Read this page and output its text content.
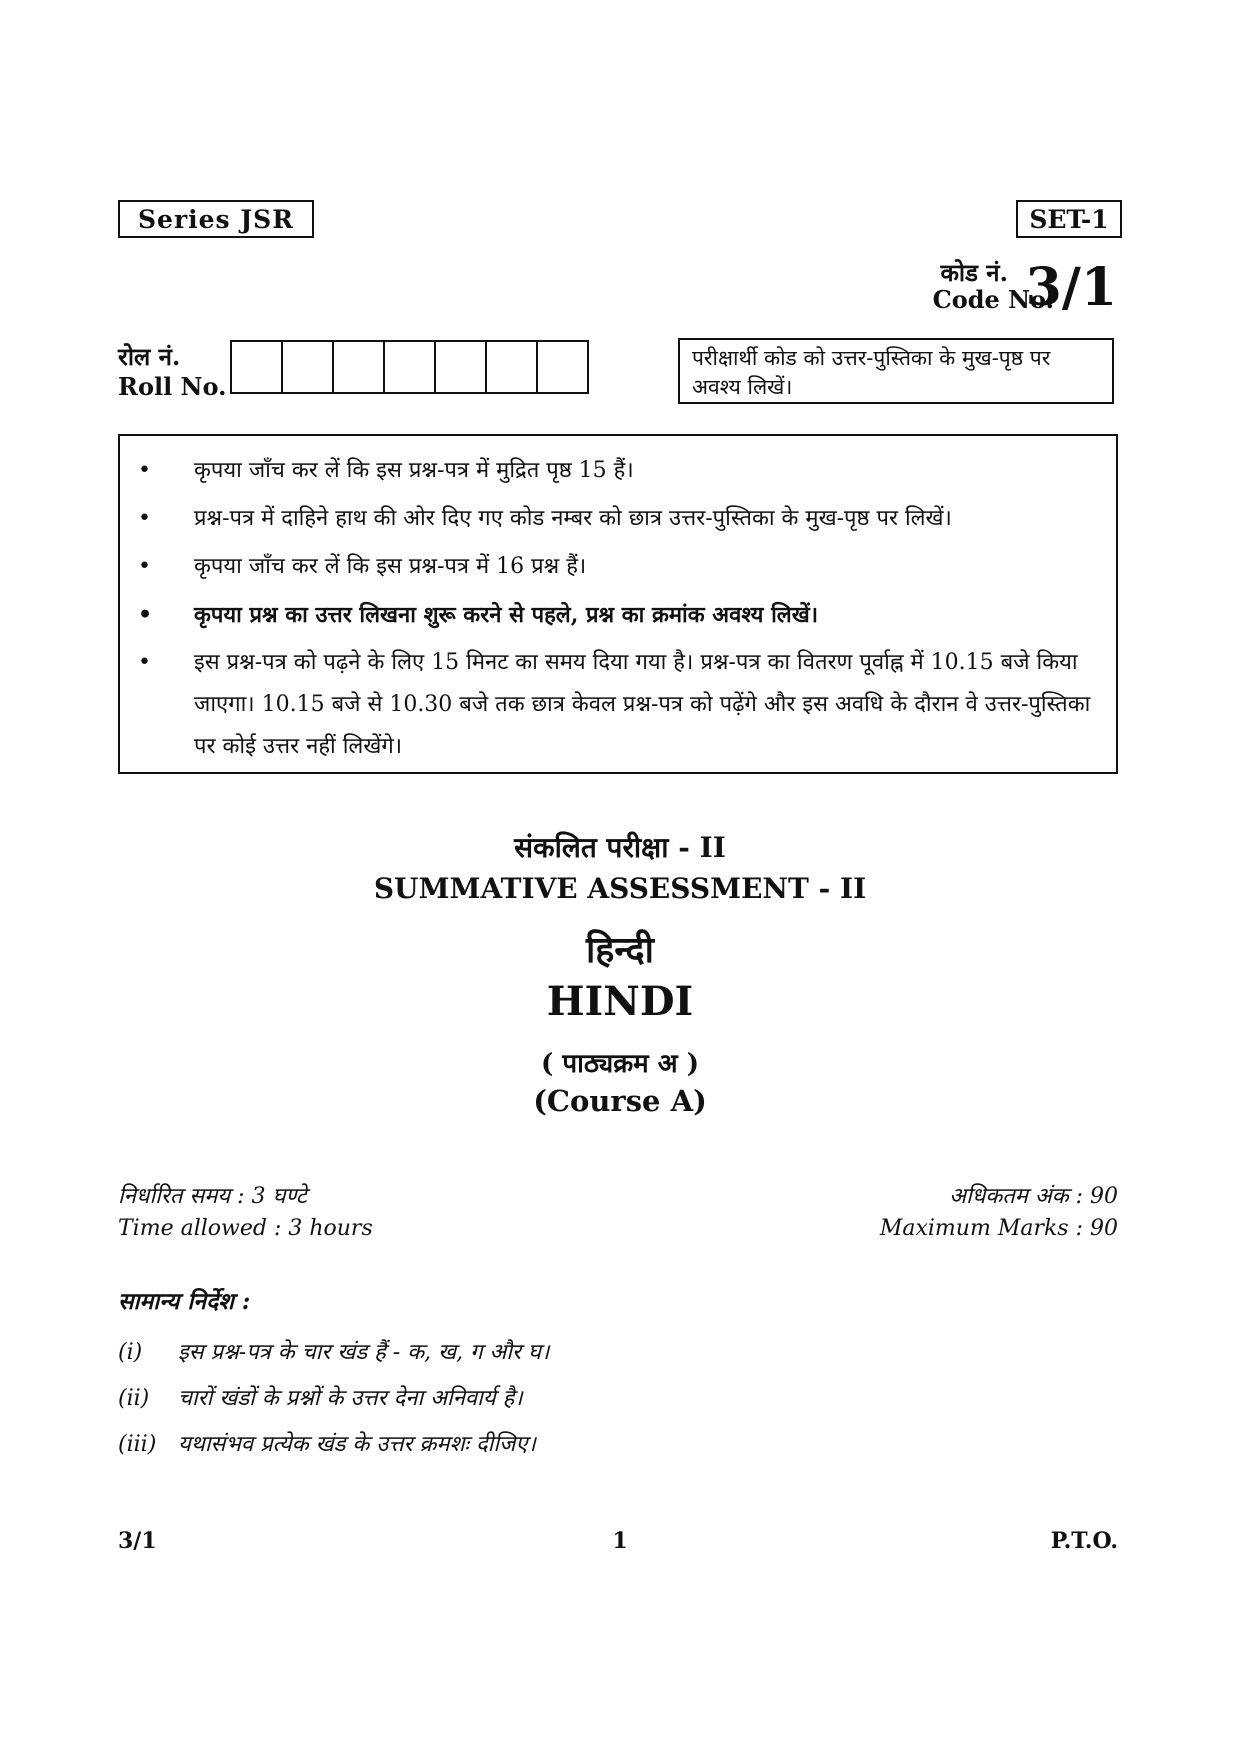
Series JSR	SET-1
कोड नं.
Code No.
3/1
रोल नं.
Roll No.
परीक्षार्थी कोड को उत्तर-पुस्तिका के मुख-पृष्ठ पर अवश्य लिखें।
• कृपया जाँच कर लें कि इस प्रश्न-पत्र में मुद्रित पृष्ठ 15 हैं।
• प्रश्न-पत्र में दाहिने हाथ की ओर दिए गए कोड नम्बर को छात्र उत्तर-पुस्तिका के मुख-पृष्ठ पर लिखें।
• कृपया जाँच कर लें कि इस प्रश्न-पत्र में 16 प्रश्न हैं।
• कृपया प्रश्न का उत्तर लिखना शुरू करने से पहले, प्रश्न का क्रमांक अवश्य लिखें।
• इस प्रश्न-पत्र को पढ़ने के लिए 15 मिनट का समय दिया गया है। प्रश्न-पत्र का वितरण पूर्वाह्न में 10.15 बजे किया जाएगा। 10.15 बजे से 10.30 बजे तक छात्र केवल प्रश्न-पत्र को पढ़ेंगे और इस अवधि के दौरान वे उत्तर-पुस्तिका पर कोई उत्तर नहीं लिखेंगे।
संकलित परीक्षा - II
SUMMATIVE ASSESSMENT - II
हिन्दी
HINDI
( पाठ्यक्रम अ )
(Course A)
निर्धारित समय : 3 घण्टे
Time allowed : 3 hours
अधिकतम अंक : 90
Maximum Marks : 90
सामान्य निर्देश :
(i) इस प्रश्न-पत्र के चार खंड हैं - क, ख, ग और घ।
(ii) चारों खंडों के प्रश्नों के उत्तर देना अनिवार्य है।
(iii) यथासंभव प्रत्येक खंड के उत्तर क्रमशः दीजिए।
3/1	1	P.T.O.
